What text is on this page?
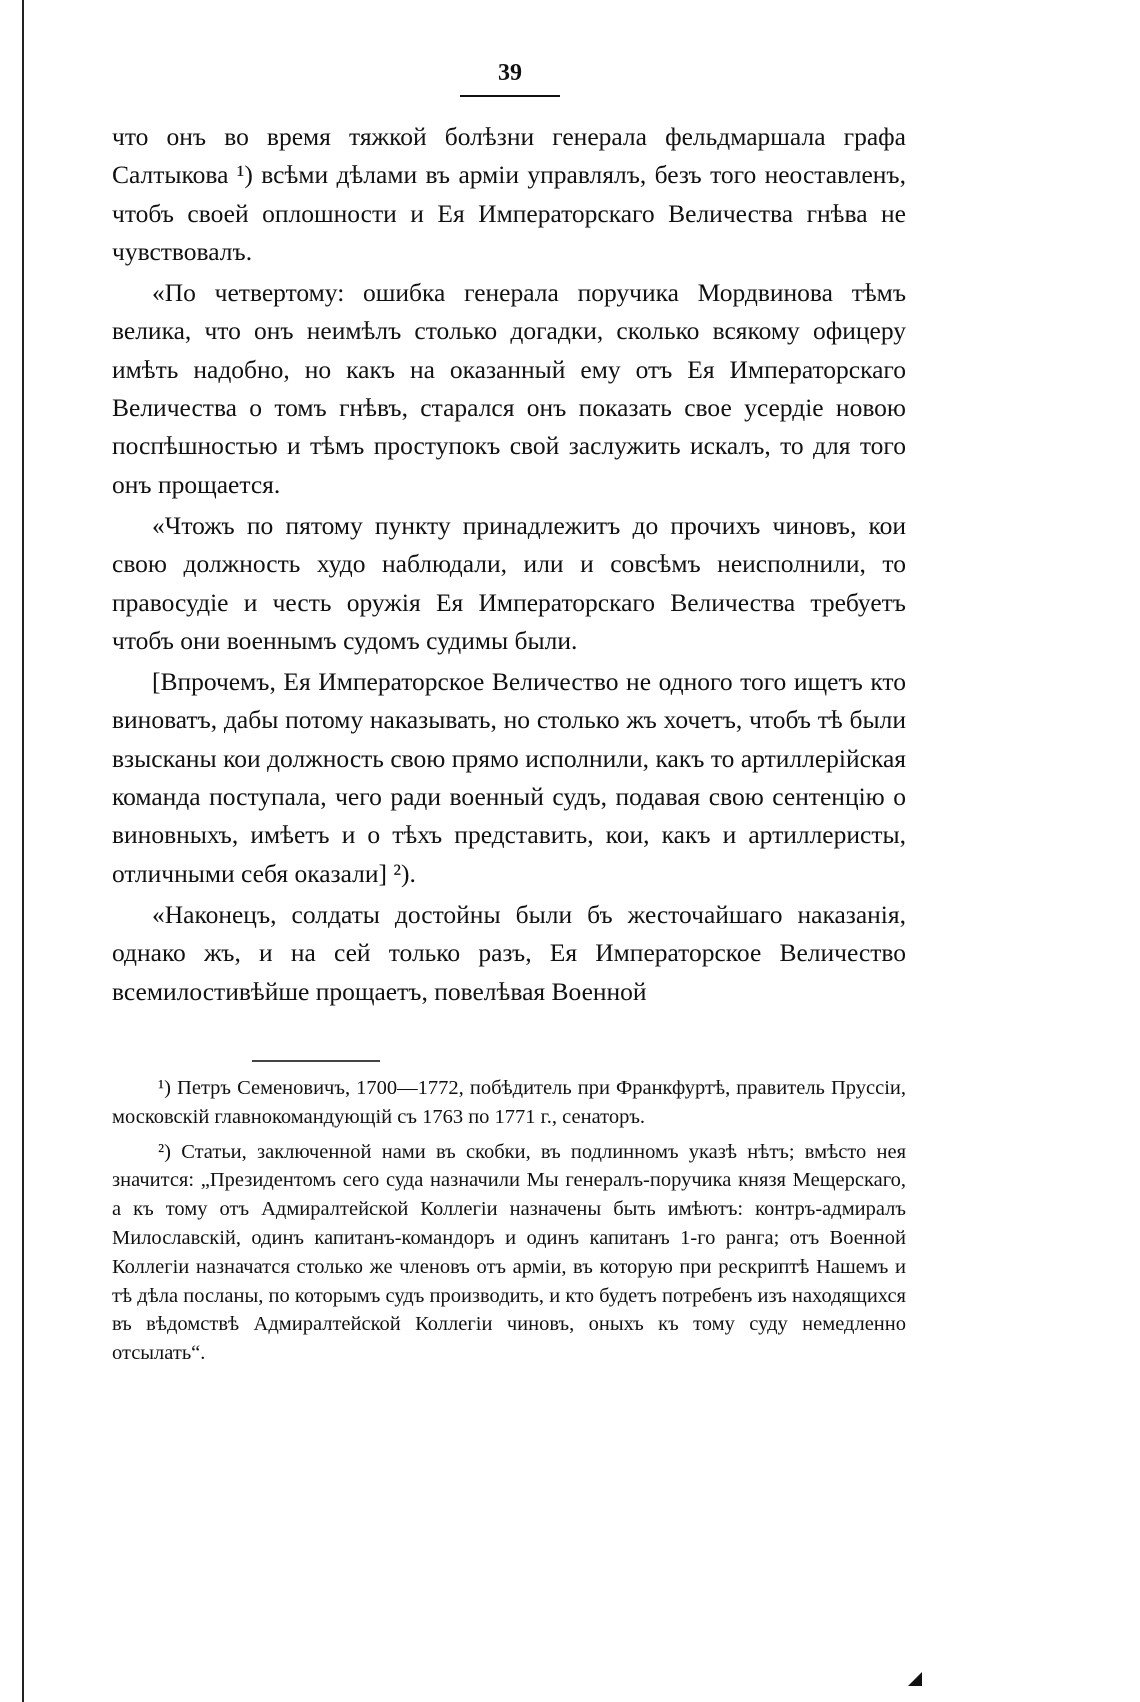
39

что онъ во время тяжкой болѣзни генерала фельдмаршала графа Салтыкова ¹) всѣми дѣлами въ арміи управлялъ, безъ того неоставленъ, чтобъ своей оплошности и Ея Императорскаго Величества гнѣва не чувствовалъ.

«По четвертому: ошибка генерала поручика Мордвинова тѣмъ велика, что онъ неимѣлъ столько догадки, сколько всякому офицеру имѣть надобно, но какъ на оказанный ему отъ Ея Императорскаго Величества о томъ гнѣвъ, старался онъ показать свое усердіе новою поспѣшностью и тѣмъ проступокъ свой заслужить искалъ, то для того онъ прощается.

«Чтожъ по пятому пункту принадлежитъ до прочихъ чиновъ, кои свою должность худо наблюдали, или и совсѣмъ неисполнили, то правосудіе и честь оружія Ея Императорскаго Величества требуетъ чтобъ они военнымъ судомъ судимы были.

[Впрочемъ, Ея Императорское Величество не одного того ищетъ кто виноватъ, дабы потому наказывать, но столько жъ хочетъ, чтобъ тѣ были взысканы кои должность свою прямо исполнили, какъ то артиллерійская команда поступала, чего ради военный судъ, подавая свою сентенцію о виновныхъ, имѣетъ и о тѣхъ представить, кои, какъ и артиллеристы, отличными себя оказали] ²).

«Наконецъ, солдаты достойны были бъ жесточайшаго наказанія, однако жъ, и на сей только разъ, Ея Императорское Величество всемилостивѣйше прощаетъ, повелѣвая Военной

¹) Петръ Семеновичъ, 1700—1772, побѣдитель при Франкфуртѣ, правитель Пруссіи, московскій главнокомандующій съ 1763 по 1771 г., сенаторъ.

²) Статьи, заключенной нами въ скобки, въ подлинномъ указѣ нѣтъ; вмѣсто нея значится: „Президентомъ сего суда назначили Мы генералъ-поручика князя Мещерскаго, а къ тому отъ Адмиралтейской Коллегіи назначены быть имѣютъ: контръ-адмиралъ Милославскій, одинъ капитанъ-командоръ и одинъ капитанъ 1-го ранга; отъ Военной Коллегіи назначатся столько же членовъ отъ арміи, въ которую при рескриптѣ Нашемъ и тѣ дѣла посланы, по которымъ судъ производить, и кто будетъ потребенъ изъ находящихся въ вѣдомствѣ Адмиралтейской Коллегіи чиновъ, оныхъ къ тому суду немедленно отсылать“.
